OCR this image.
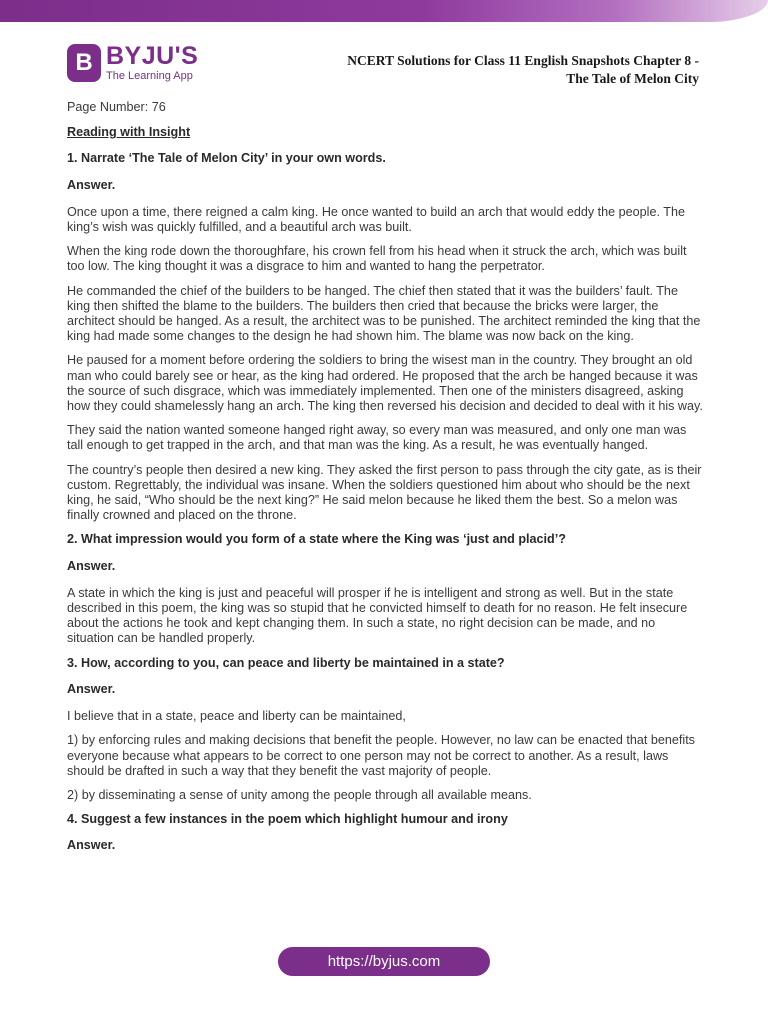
B BYJU'S
The Learning App
NCERT Solutions for Class 11 English Snapshots Chapter 8 -
The Tale of Melon City

Page Number: 76

Reading with Insight

1. Narrate ‘The Tale of Melon City’ in your own words.

Answer.

Once upon a time, there reigned a calm king. He once wanted to build an arch that would eddy the people. The king’s wish was quickly fulfilled, and a beautiful arch was built.

When the king rode down the thoroughfare, his crown fell from his head when it struck the arch, which was built too low. The king thought it was a disgrace to him and wanted to hang the perpetrator.

He commanded the chief of the builders to be hanged. The chief then stated that it was the builders’ fault. The king then shifted the blame to the builders. The builders then cried that because the bricks were larger, the architect should be hanged. As a result, the architect was to be punished. The architect reminded the king that the king had made some changes to the design he had shown him. The blame was now back on the king.

He paused for a moment before ordering the soldiers to bring the wisest man in the country. They brought an old man who could barely see or hear, as the king had ordered. He proposed that the arch be hanged because it was the source of such disgrace, which was immediately implemented. Then one of the ministers disagreed, asking how they could shamelessly hang an arch. The king then reversed his decision and decided to deal with it his way.

They said the nation wanted someone hanged right away, so every man was measured, and only one man was tall enough to get trapped in the arch, and that man was the king. As a result, he was eventually hanged.

The country’s people then desired a new king. They asked the first person to pass through the city gate, as is their custom. Regrettably, the individual was insane. When the soldiers questioned him about who should be the next king, he said, “Who should be the next king?” He said melon because he liked them the best. So a melon was finally crowned and placed on the throne.

2. What impression would you form of a state where the King was ‘just and placid’?

Answer.

A state in which the king is just and peaceful will prosper if he is intelligent and strong as well. But in the state described in this poem, the king was so stupid that he convicted himself to death for no reason. He felt insecure about the actions he took and kept changing them. In such a state, no right decision can be made, and no situation can be handled properly.

3. How, according to you, can peace and liberty be maintained in a state?

Answer.

I believe that in a state, peace and liberty can be maintained,

1) by enforcing rules and making decisions that benefit the people. However, no law can be enacted that benefits everyone because what appears to be correct to one person may not be correct to another. As a result, laws should be drafted in such a way that they benefit the vast majority of people.

2) by disseminating a sense of unity among the people through all available means.

4. Suggest a few instances in the poem which highlight humour and irony

Answer.

https://byjus.com
